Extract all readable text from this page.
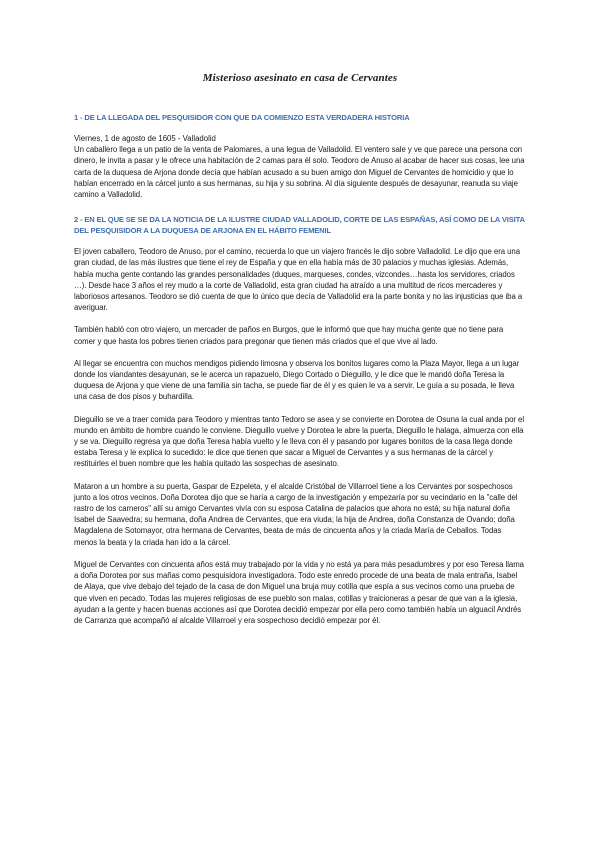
Misterioso asesinato en casa de Cervantes
1 - DE LA LLEGADA DEL PESQUISIDOR CON QUE DA COMIENZO ESTA VERDADERA HISTORIA

Viernes, 1 de agosto de 1605 - Valladolid

Un caballero llega a un patio de la venta de Palomares, a una legua de Valladolid. El ventero sale y ve que parece una persona con dinero, le invita a pasar y le ofrece una habitación de 2 camas para él solo. Teodoro de Anuso al acabar de hacer sus cosas, lee una carta de la duquesa de Arjona donde decía que habían acusado a su buen amigo don Miguel de Cervantes de homicidio y que lo habían encerrado en la cárcel junto a sus hermanas, su hija y su sobrina. Al día siguiente después de desayunar, reanuda su viaje camino a Valladolid.

2 - EN EL QUE SE SE DA LA NOTICIA DE LA ILUSTRE CIUDAD VALLADOLID, CORTE DE LAS ESPAÑAS, ASÍ COMO DE LA VISITA DEL PESQUISIDOR A LA DUQUESA DE ARJONA EN EL HÁBITO FEMENIL

El joven caballero, Teodoro de Anuso, por el camino, recuerda lo que un viajero francés le dijo sobre Valladolid. Le dijo que era una gran ciudad, de las más ilustres que tiene el rey de España y que en ella había más de 30 palacios y muchas iglesias. Además, había mucha gente contando las grandes personalidades (duques, marqueses, condes, vizcondes…hasta los servidores, criados …). Desde hace 3 años el rey mudo a la corte de Valladolid, esta gran ciudad ha atraído a una multitud de ricos mercaderes y laboriosos artesanos. Teodoro se dió cuenta de que lo único que decía de Valladolid era la parte bonita y no las injusticias que iba a averiguar.

También habló con otro viajero, un mercader de paños en Burgos, que le informó que que hay mucha gente que no tiene para comer y que hasta los pobres tienen criados para pregonar que tienen más criados que el que vive al lado.

Al llegar se encuentra con muchos mendigos pidiendo limosna y observa los bonitos lugares como la Plaza Mayor, llega a un lugar donde los viandantes desayunan, se le acerca un rapazuelo, Diego Cortado o Dieguillo, y le dice que le mandó doña Teresa la duquesa de Arjona y que viene de una familia sin tacha, se puede fiar de él y es quien le va a servir. Le guía a su posada, le lleva una casa de dos pisos y buhardilla.

Dieguillo se ve a traer comida para Teodoro y mientras tanto Tedoro se asea y se convierte en Dorotea de Osuna la cual anda por el mundo en ámbito de hombre cuando le conviene. Dieguillo vuelve y Dorotea le abre la puerta, Dieguillo le halaga, almuerza con ella y se va. Dieguillo regresa ya que doña Teresa había vuelto y le lleva con él y pasando por lugares bonitos de la casa llega donde estaba Teresa y le explica lo sucedido: le dice que tienen que sacar a Miguel de Cervantes y a sus hermanas de la cárcel y restituirles el buen nombre que les había quitado las sospechas de asesinato.

Mataron a un hombre a su puerta, Gaspar de Ezpeleta, y el alcalde Cristóbal de Villarroel tiene a los Cervantes por sospechosos junto a los otros vecinos. Doña Dorotea dijo que se haría a cargo de la investigación y empezaría por su vecindario en la "calle del rastro de los carneros" allí su amigo Cervantes vivía con su esposa Catalina de palacios que ahora no está; su hija natural doña Isabel de Saavedra; su hermana, doña Andrea de Cervantes, que era viuda; la hija de Andrea, doña Constanza de Ovando; doña Magdalena de Sotomayor, otra hermana de Cervantes, beata de más de cincuenta años y la criada María de Ceballos. Todas menos la beata y la criada han ido a la cárcel.

Miguel de Cervantes con cincuenta años está muy trabajado por la vida y no está ya para más pesadumbres y por eso Teresa llama a doña Dorotea por sus mañas como pesquisidora investigadora. Todo este enredo procede de una beata de mala entraña, Isabel de Alaya, que vive debajo del tejado de la casa de don Miguel una bruja muy cotilla que espía a sus vecinos como una prueba de que viven en pecado. Todas las mujeres religiosas de ese pueblo son malas, cotillas y traicioneras a pesar de que van a la iglesia, ayudan a la gente y hacen buenas acciones así que Dorotea decidió empezar por ella pero como también había un alguacil Andrés de Carranza que acompañó al alcalde Villarroel y era sospechoso decidió empezar por él.
